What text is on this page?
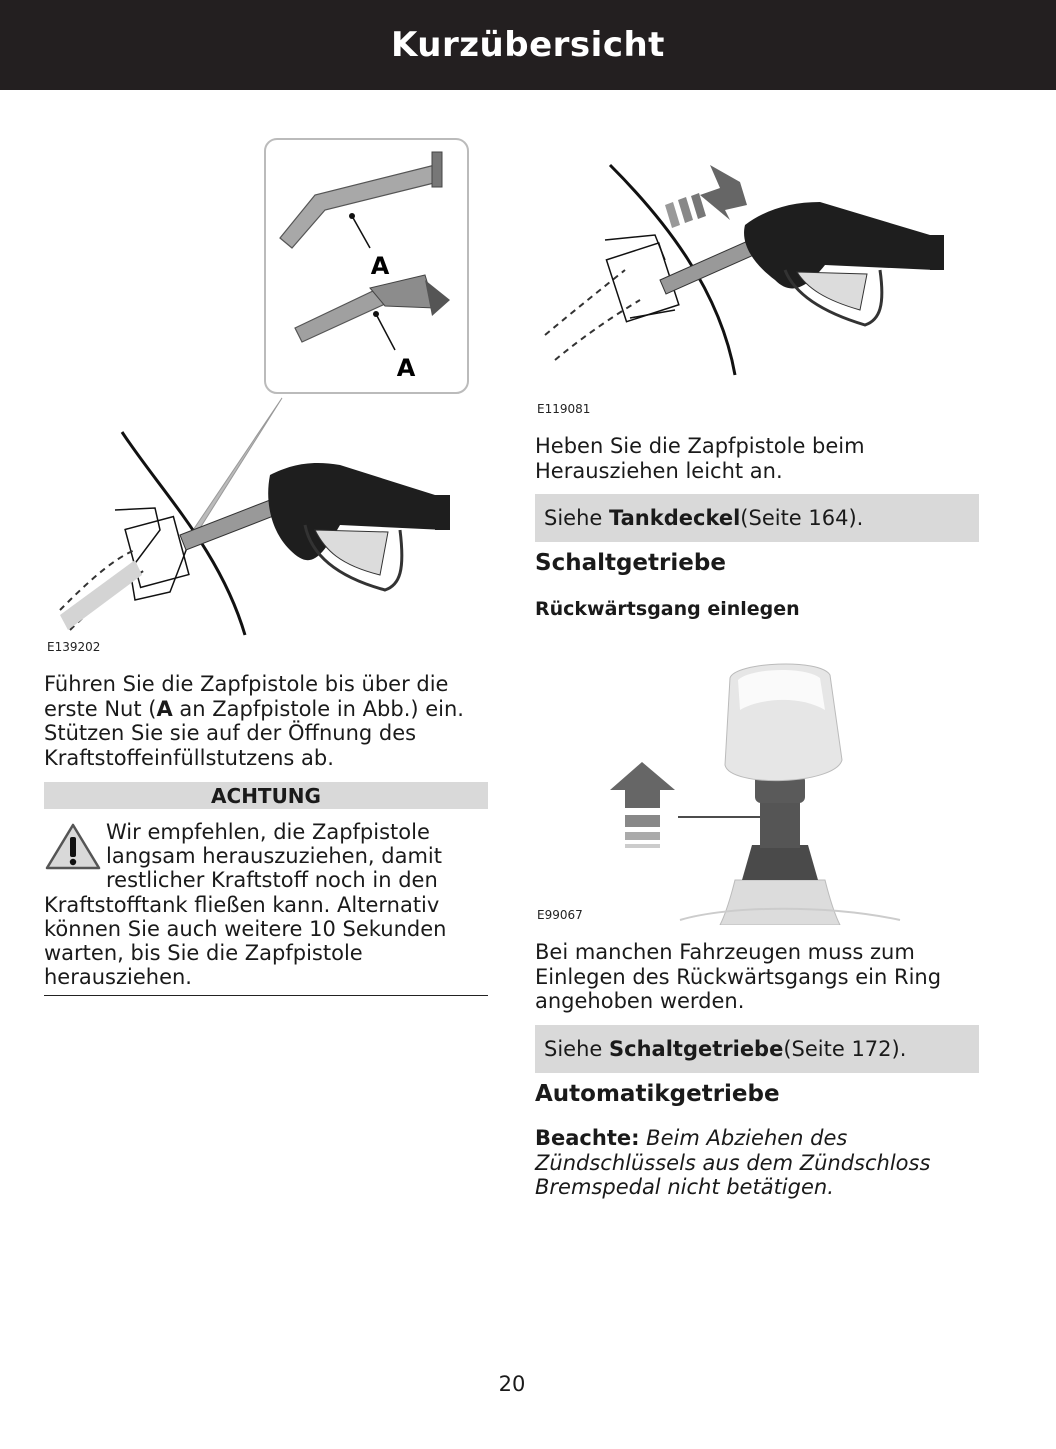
Kurzübersicht
A
A
E139202

Führen Sie die Zapfpistole bis über die erste Nut (A an Zapfpistole in Abb.) ein. Stützen Sie sie auf der Öffnung des Kraftstoffeinfüllstutzens ab.

ACHTUNG
Wir empfehlen, die Zapfpistole langsam herauszuziehen, damit restlicher Kraftstoff noch in den Kraftstofftank fließen kann. Alternativ können Sie auch weitere 10 Sekunden warten, bis Sie die Zapfpistole herausziehen.
E119081

Heben Sie die Zapfpistole beim Herausziehen leicht an.

Siehe
Tankdeckel (Seite 164).
Schaltgetriebe
Rückwärtsgang einlegen
E99067

Bei manchen Fahrzeugen muss zum Einlegen des Rückwärtsgangs ein Ring angehoben werden.

Siehe
Schaltgetriebe (Seite 172).
Automatikgetriebe

Beachte: Beim Abziehen des Zündschlüssels aus dem Zündschloss Bremspedal nicht betätigen.

20
